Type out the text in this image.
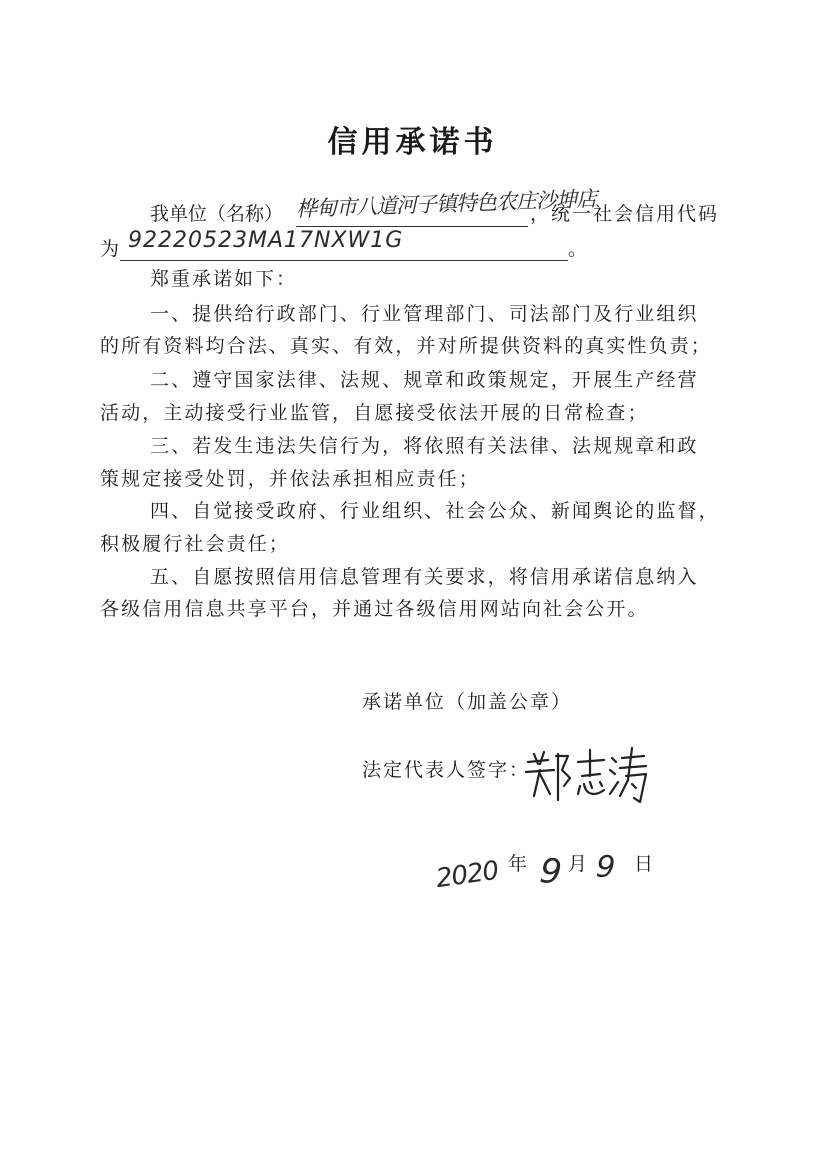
信用承诺书
我单位（名称） 桦甸市八道河子镇特色农庄沙坤店
，统一社会信用代码
为 92220523MA17NXW1G	。
郑重承诺如下：
一、提供给行政部门、行业管理部门、司法部门及行业组织
的所有资料均合法、真实、有效，并对所提供资料的真实性负责；
二、遵守国家法律、法规、规章和政策规定，开展生产经营
活动，主动接受行业监管，自愿接受依法开展的日常检查；
三、若发生违法失信行为，将依照有关法律、法规规章和政
策规定接受处罚，并依法承担相应责任；
四、自觉接受政府、行业组织、社会公众、新闻舆论的监督，
积极履行社会责任；
五、自愿按照信用信息管理有关要求，将信用承诺信息纳入
各级信用信息共享平台，并通过各级信用网站向社会公开。
承诺单位（加盖公章）
法定代表人签字：
2020 年 9 月 9 日
